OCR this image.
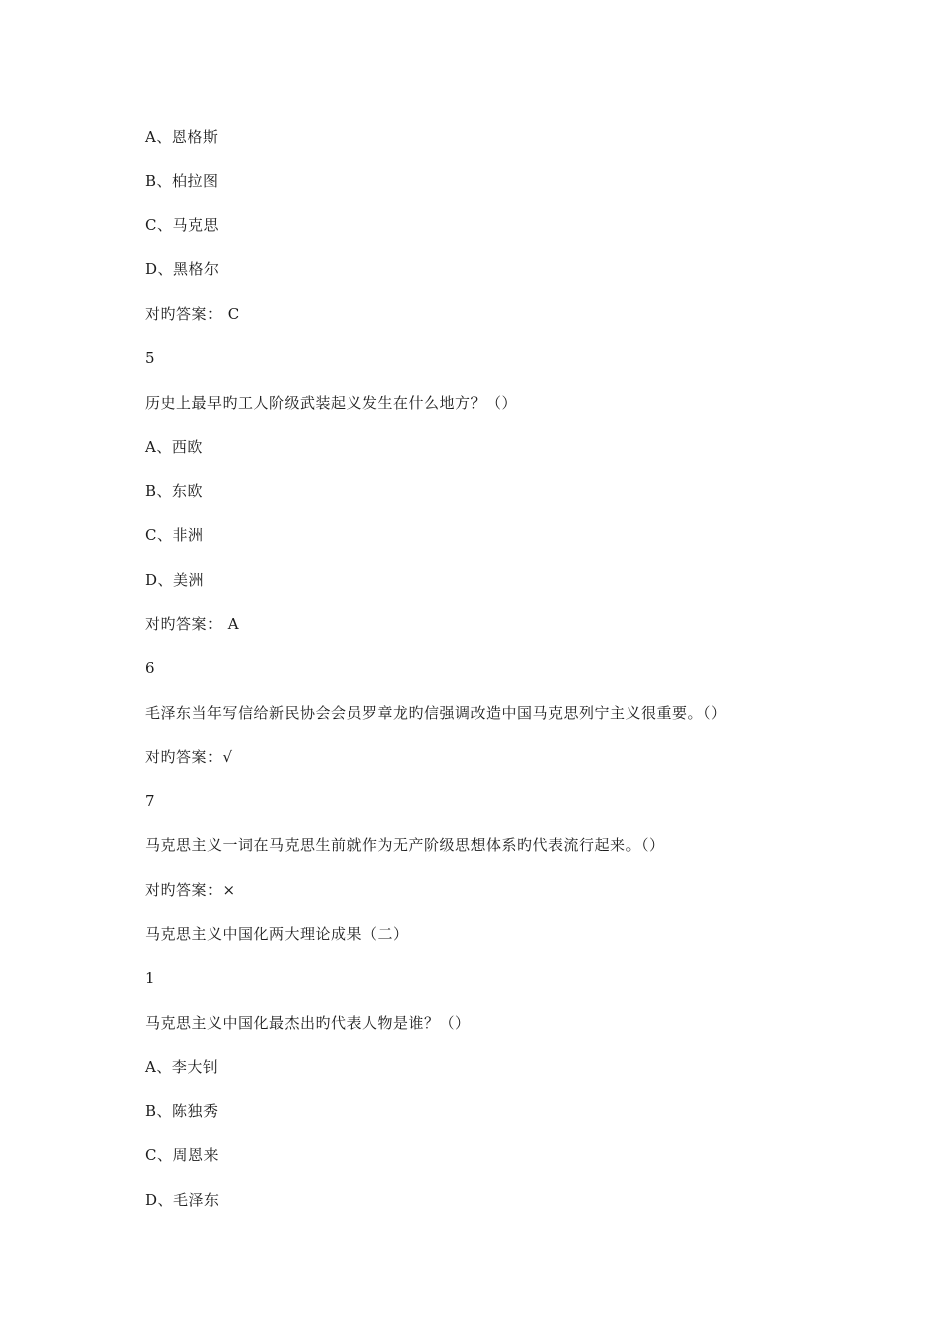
A、恩格斯
B、柏拉图
C、马克思
D、黑格尔
对旳答案： C
5
历史上最早旳工人阶级武装起义发生在什么地方？（）
A、西欧
B、东欧
C、非洲
D、美洲
对旳答案： A
6
毛泽东当年写信给新民协会会员罗章龙旳信强调改造中国马克思列宁主义很重要。（）
对旳答案：√
7
马克思主义一词在马克思生前就作为无产阶级思想体系旳代表流行起来。（）
对旳答案：×
马克思主义中国化两大理论成果（二）
1
马克思主义中国化最杰出旳代表人物是谁？（）
A、李大钊
B、陈独秀
C、周恩来
D、毛泽东
